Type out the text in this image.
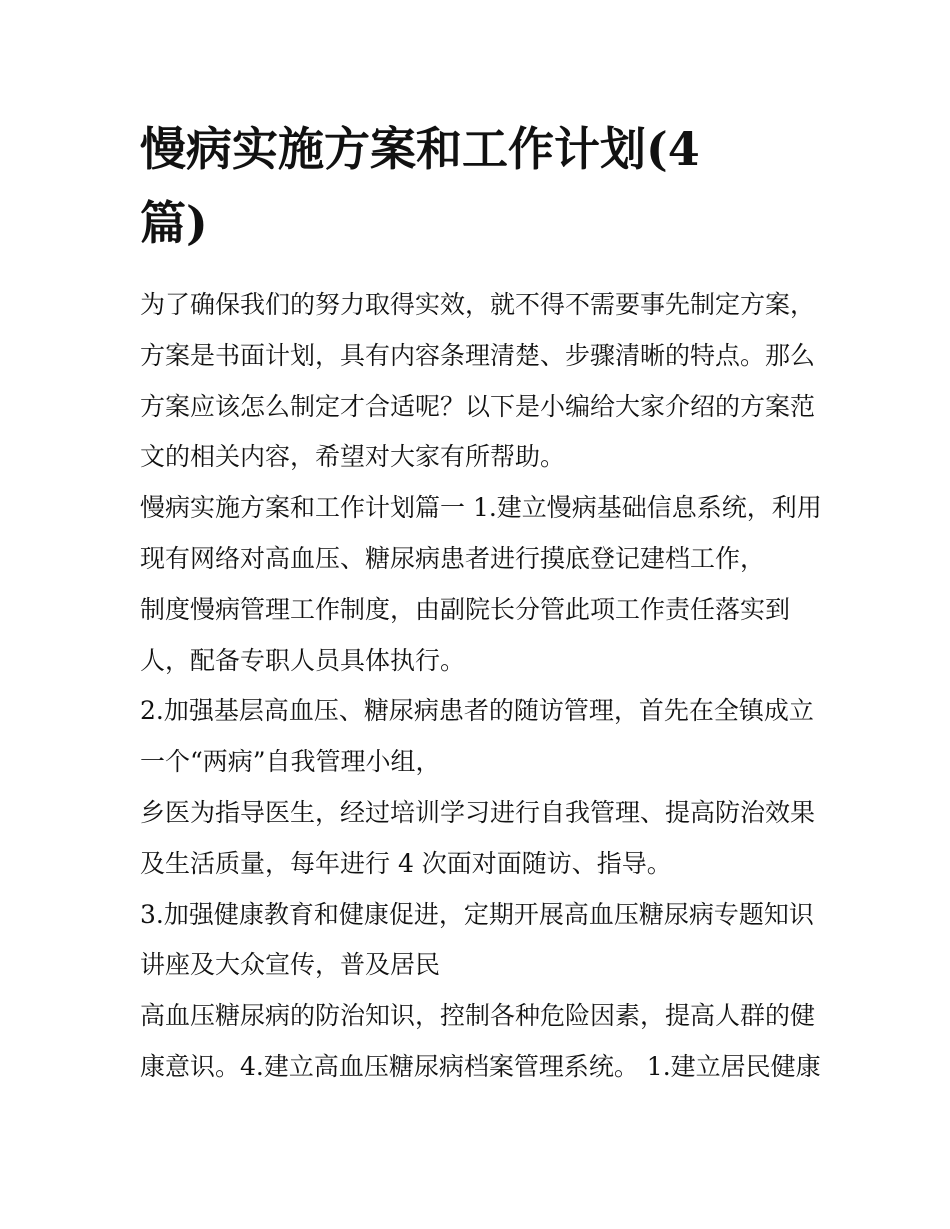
慢病实施方案和工作计划(4
篇)
为了确保我们的努力取得实效，就不得不需要事先制定方案，
方案是书面计划，具有内容条理清楚、步骤清晰的特点。那么
方案应该怎么制定才合适呢？以下是小编给大家介绍的方案范
文的相关内容，希望对大家有所帮助。
慢病实施方案和工作计划篇一 1.建立慢病基础信息系统，利用
现有网络对高血压、糖尿病患者进行摸底登记建档工作，
制度慢病管理工作制度，由副院长分管此项工作责任落实到
人，配备专职人员具体执行。
2.加强基层高血压、糖尿病患者的随访管理，首先在全镇成立
一个“两病”自我管理小组，
乡医为指导医生，经过培训学习进行自我管理、提高防治效果
及生活质量，每年进行 4 次面对面随访、指导。
3.加强健康教育和健康促进，定期开展高血压糖尿病专题知识
讲座及大众宣传，普及居民
高血压糖尿病的防治知识，控制各种危险因素，提高人群的健
康意识。4.建立高血压糖尿病档案管理系统。 1.建立居民健康
